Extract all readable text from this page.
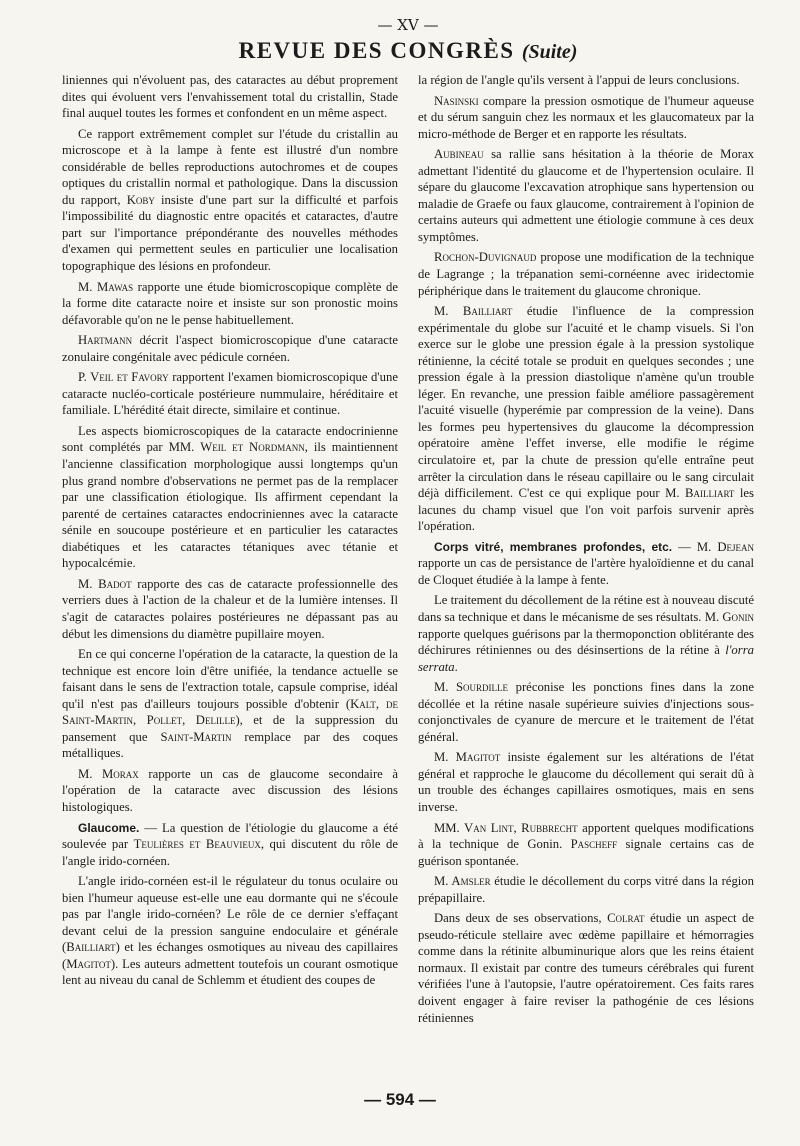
— XV —
REVUE DES CONGRÈS (Suite)

liniennes qui n'évoluent pas, des cataractes au début proprement dites qui évoluent vers l'envahissement total du cristallin, Stade final auquel toutes les formes et confondent en un même aspect.

Ce rapport extrêmement complet sur l'étude du cristallin au microscope et à la lampe à fente est illustré d'un nombre considérable de belles reproductions autochromes et de coupes optiques du cristallin normal et pathologique. Dans la discussion du rapport, Koby insiste d'une part sur la difficulté et parfois l'impossibilité du diagnostic entre opacités et cataractes, d'autre part sur l'importance prépondérante des nouvelles méthodes d'examen qui permettent seules en particulier une localisation topographique des lésions en profondeur.

M. Mawas rapporte une étude biomicroscopique complète de la forme dite cataracte noire et insiste sur son pronostic moins défavorable qu'on ne le pense habituellement.

Hartmann décrit l'aspect biomicroscopique d'une cataracte zonulaire congénitale avec pédicule cornéen.

P. Veil et Favory rapportent l'examen biomicroscopique d'une cataracte nucléo-corticale postérieure nummulaire, héréditaire et familiale. L'hérédité était directe, similaire et continue.

Les aspects biomicroscopiques de la cataracte endocrinienne sont complétés par MM. Weil et Nordmann, ils maintiennent l'ancienne classification morphologique aussi longtemps qu'un plus grand nombre d'observations ne permet pas de la remplacer par une classification étiologique. Ils affirment cependant la parenté de certaines cataractes endocriniennes avec la cataracte sénile en soucoupe postérieure et en particulier les cataractes diabétiques et les cataractes tétaniques avec tétanie et hypocalcémie.

M. Badot rapporte des cas de cataracte professionnelle des verriers dues à l'action de la chaleur et de la lumière intenses. Il s'agit de cataractes polaires postérieures ne dépassant pas au début les dimensions du diamètre pupillaire moyen.

En ce qui concerne l'opération de la cataracte, la question de la technique est encore loin d'être unifiée, la tendance actuelle se faisant dans le sens de l'extraction totale, capsule comprise, idéal qu'il n'est pas d'ailleurs toujours possible d'obtenir (Kalt, de Saint-Martin, Pollet, Delille), et de la suppression du pansement que Saint-Martin remplace par des coques métalliques.

M. Morax rapporte un cas de glaucome secondaire à l'opération de la cataracte avec discussion des lésions histologiques.

Glaucome. — La question de l'étiologie du glaucome a été soulevée par Teulières et Beauvieux, qui discutent du rôle de l'angle irido-cornéen.

L'angle irido-cornéen est-il le régulateur du tonus oculaire ou bien l'humeur aqueuse est-elle une eau dormante qui ne s'écoule pas par l'angle irido-cornéen? Le rôle de ce dernier s'effaçant devant celui de la pression sanguine endoculaire et générale (Bailliart) et les échanges osmotiques au niveau des capillaires (Magitot). Les auteurs admettent toutefois un courant osmotique lent au niveau du canal de Schlemm et étudient des coupes de

la région de l'angle qu'ils versent à l'appui de leurs conclusions.

Nasinski compare la pression osmotique de l'humeur aqueuse et du sérum sanguin chez les normaux et les glaucomateux par la micro-méthode de Berger et en rapporte les résultats.

Aubineau sa rallie sans hésitation à la théorie de Morax admettant l'identité du glaucome et de l'hypertension oculaire. Il sépare du glaucome l'excavation atrophique sans hypertension ou maladie de Graefe ou faux glaucome, contrairement à l'opinion de certains auteurs qui admettent une étiologie commune à ces deux symptômes.

Rochon-Duvignaud propose une modification de la technique de Lagrange ; la trépanation semi-cornéenne avec iridectomie périphérique dans le traitement du glaucome chronique.

M. Bailliart étudie l'influence de la compression expérimentale du globe sur l'acuité et le champ visuels. Si l'on exerce sur le globe une pression égale à la pression systolique rétinienne, la cécité totale se produit en quelques secondes ; une pression égale à la pression diastolique n'amène qu'un trouble léger. En revanche, une pression faible améliore passagèrement l'acuité visuelle (hyperémie par compression de la veine). Dans les formes peu hypertensives du glaucome la décompression opératoire amène l'effet inverse, elle modifie le régime circulatoire et, par la chute de pression qu'elle entraîne peut arrêter la circulation dans le réseau capillaire ou le sang circulait déjà difficilement. C'est ce qui explique pour M. Bailliart les lacunes du champ visuel que l'on voit parfois survenir après l'opération.

Corps vitré, membranes profondes, etc. — M. Dejean rapporte un cas de persistance de l'artère hyaloïdienne et du canal de Cloquet étudiée à la lampe à fente.

Le traitement du décollement de la rétine est à nouveau discuté dans sa technique et dans le mécanisme de ses résultats. M. Gonin rapporte quelques guérisons par la thermoponction oblitérante des déchirures rétiniennes ou des désinsertions de la rétine à l'orra serrata.

M. Sourdille préconise les ponctions fines dans la zone décollée et la rétine nasale supérieure suivies d'injections sous-conjonctivales de cyanure de mercure et le traitement de l'état général.

M. Magitot insiste également sur les altérations de l'état général et rapproche le glaucome du décollement qui serait dû à un trouble des échanges capillaires osmotiques, mais en sens inverse.

MM. Van Lint, Rubbrecht apportent quelques modifications à la technique de Gonin. Pascheff signale certains cas de guérison spontanée.

M. Amsler étudie le décollement du corps vitré dans la région prépapillaire.

Dans deux de ses observations, Colrat étudie un aspect de pseudo-réticule stellaire avec œdème papillaire et hémorragies comme dans la rétinite albuminurique alors que les reins étaient normaux. Il existait par contre des tumeurs cérébrales qui furent vérifiées l'une à l'autopsie, l'autre opératoirement. Ces faits rares doivent engager à faire reviser la pathogénie de ces lésions rétiniennes

— 594 —
